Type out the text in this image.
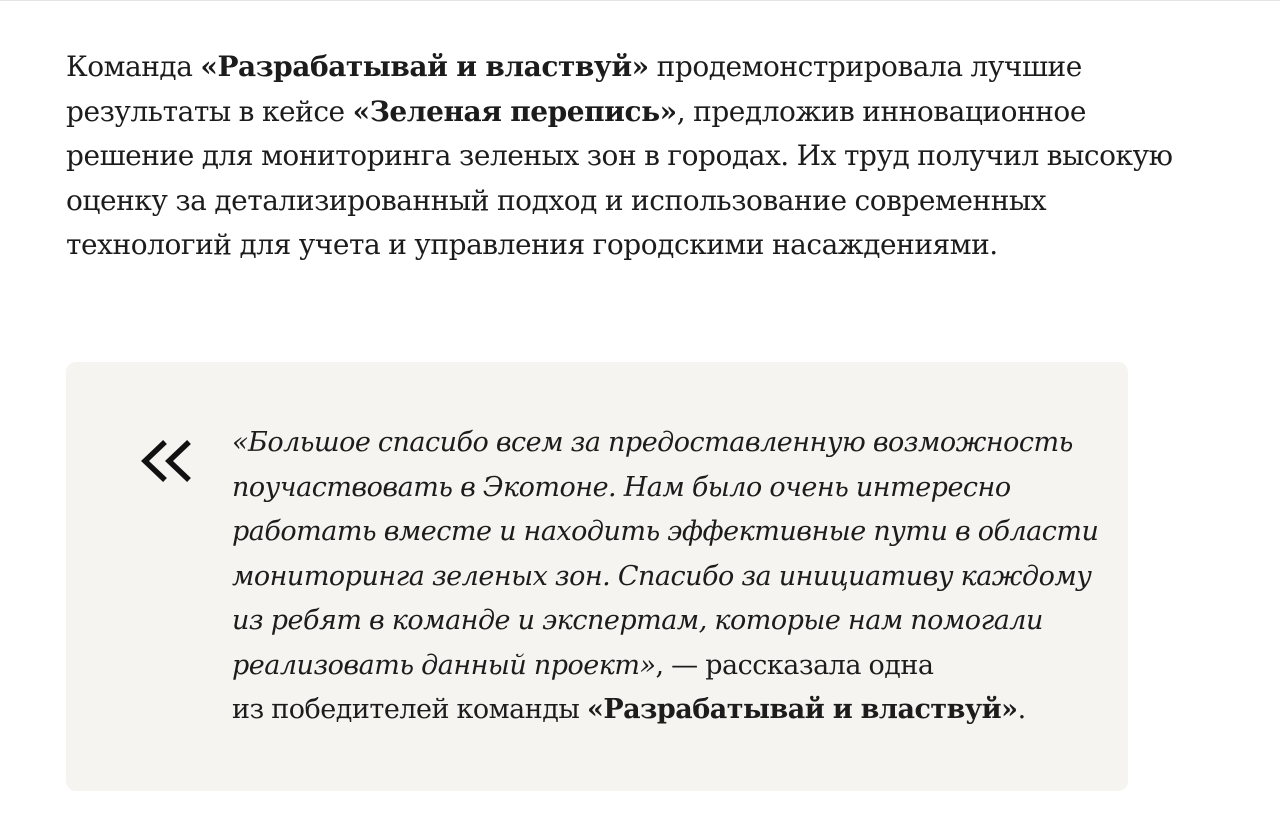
Команда «Разрабатывай и властвуй» продемонстрировала лучшие
результаты в кейсе «Зеленая перепись», предложив инновационное
решение для мониторинга зеленых зон в городах. Их труд получил высокую
оценку за детализированный подход и использование современных
технологий для учета и управления городскими насаждениями.

«Большое спасибо всем за предоставленную возможность
поучаствовать в Экотоне. Нам было очень интересно
работать вместе и находить эффективные пути в области
мониторинга зеленых зон. Спасибо за инициативу каждому
из ребят в команде и экспертам, которые нам помогали
реализовать данный проект», — рассказала одна
из победителей команды «Разрабатывай и властвуй».
